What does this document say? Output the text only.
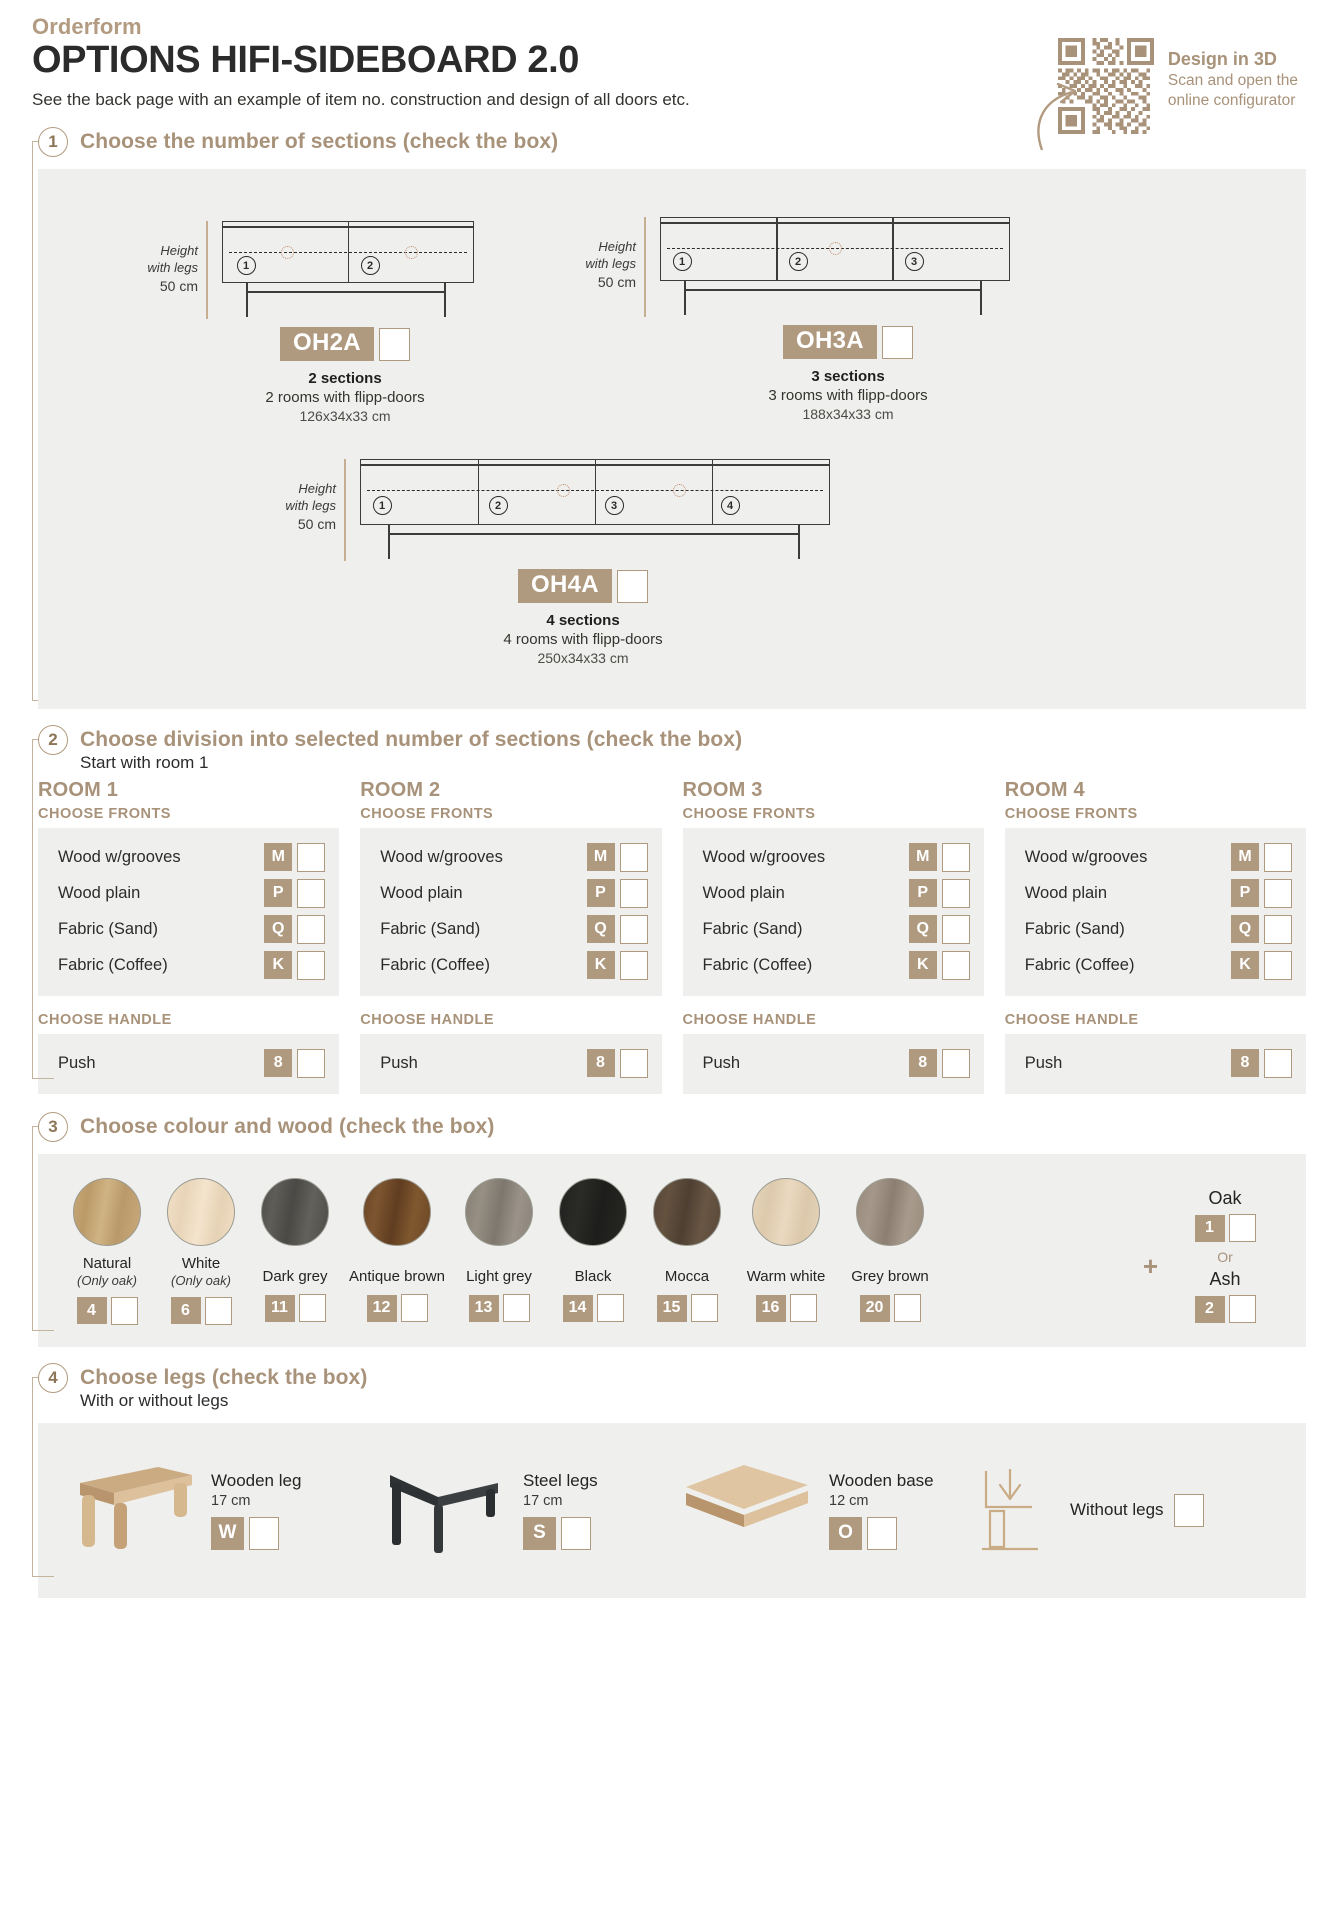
Orderform
OPTIONS HIFI-SIDEBOARD 2.0
See the back page with an example of item no. construction and design of all doors etc.
Design in 3D
Scan and open the
online configurator
1	Choose the number of sections (check the box)
Height
with legs
50 cm
1	2
OH2A
2 sections
2 rooms with flipp-doors
126x34x33 cm
Height
with legs
50 cm
1	2	3
OH3A
3 sections
3 rooms with flipp-doors
188x34x33 cm
Height
with legs
50 cm
1	2	3	4
OH4A
4 sections
4 rooms with flipp-doors
250x34x33 cm
2	Choose division into selected number of sections (check the box)
Start with room 1
ROOM 1
CHOOSE FRONTS
Wood w/grooves	M
Wood plain	P
Fabric (Sand)	Q
Fabric (Coffee)	K
CHOOSE HANDLE
Push	8
ROOM 2
CHOOSE FRONTS
Wood w/grooves	M
Wood plain	P
Fabric (Sand)	Q
Fabric (Coffee)	K
CHOOSE HANDLE
Push	8
ROOM 3
CHOOSE FRONTS
Wood w/grooves	M
Wood plain	P
Fabric (Sand)	Q
Fabric (Coffee)	K
CHOOSE HANDLE
Push	8
ROOM 4
CHOOSE FRONTS
Wood w/grooves	M
Wood plain	P
Fabric (Sand)	Q
Fabric (Coffee)	K
CHOOSE HANDLE
Push	8
3	Choose colour and wood (check the box)
Natural
(Only oak)
4
White
(Only oak)
6
Dark grey
11
Antique brown
12
Light grey
13
Black
14
Mocca
15
Warm white
16
Grey brown
20
+
Oak
1
Or
Ash
2
4	Choose legs (check the box)
With or without legs
Wooden leg
17 cm
W
Steel legs
17 cm
S
Wooden base
12 cm
O
Without legs
